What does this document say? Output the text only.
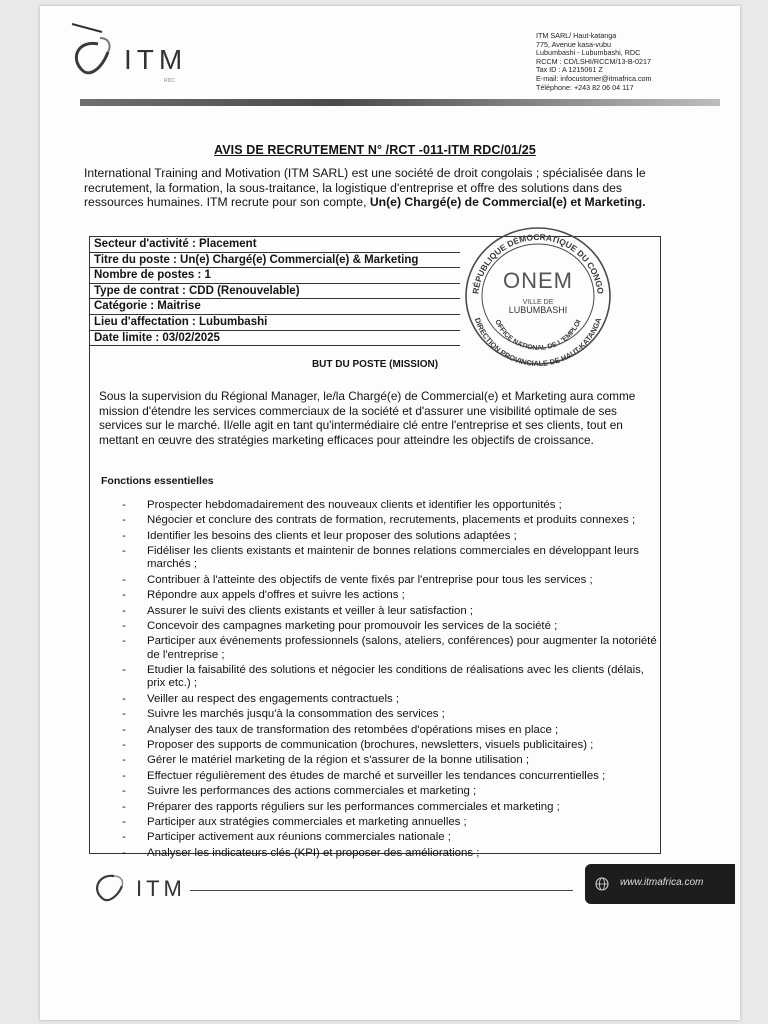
ITM
RDC
ITM SARL/ Haut-katanga
775, Avenue kasa-vubu
Lubumbashi - Lubumbashi, RDC
RCCM : CD/LSHI/RCCM/13-B-0217
Tax ID : A 1215061 Z
E-mail: infocustomer@itmafrica.com
Téléphone: +243 82 06 04 117
AVIS DE RECRUTEMENT N° /RCT -011-ITM RDC/01/25
International Training and Motivation (ITM SARL) est une société de droit congolais ; spécialisée dans le recrutement, la formation, la sous-traitance, la logistique d'entreprise et offre des solutions dans des ressources humaines. ITM recrute pour son compte, Un(e) Chargé(e) de Commercial(e) et Marketing.
Secteur d'activité : Placement
Titre du poste : Un(e) Chargé(e) Commercial(e) & Marketing
Nombre de postes : 1
Type de contrat : CDD (Renouvelable)
Catégorie : Maitrise
Lieu d'affectation : Lubumbashi
Date limite : 03/02/2025
BUT DU POSTE (MISSION)
Sous la supervision du Régional Manager, le/la Chargé(e) de Commercial(e) et Marketing aura comme mission d'étendre les services commerciaux de la société et d'assurer une visibilité optimale de ses services sur le marché. Il/elle agit en tant qu'intermédiaire clé entre l'entreprise et ses clients, tout en mettant en œuvre des stratégies marketing efficaces pour atteindre les objectifs de croissance.
Fonctions essentielles
- Prospecter hebdomadairement des nouveaux clients et identifier les opportunités ;
- Négocier et conclure des contrats de formation, recrutements, placements et produits connexes ;
- Identifier les besoins des clients et leur proposer des solutions adaptées ;
- Fidéliser les clients existants et maintenir de bonnes relations commerciales en développant leurs marchés ;
- Contribuer à l'atteinte des objectifs de vente fixés par l'entreprise pour tous les services ;
- Répondre aux appels d'offres et suivre les actions ;
- Assurer le suivi des clients existants et veiller à leur satisfaction ;
- Concevoir des campagnes marketing pour promouvoir les services de la société ;
- Participer aux événements professionnels (salons, ateliers, conférences) pour augmenter la notoriété de l'entreprise ;
- Etudier la faisabilité des solutions et négocier les conditions de réalisations avec les clients (délais, prix etc.) ;
- Veiller au respect des engagements contractuels ;
- Suivre les marchés jusqu'à la consommation des services ;
- Analyser des taux de transformation des retombées d'opérations mises en place ;
- Proposer des supports de communication (brochures, newsletters, visuels publicitaires) ;
- Gérer le matériel marketing de la région et s'assurer de la bonne utilisation ;
- Effectuer régulièrement des études de marché et surveiller les tendances concurrentielles ;
- Suivre les performances des actions commerciales et marketing ;
- Préparer des rapports réguliers sur les performances commerciales et marketing ;
- Participer aux stratégies commerciales et marketing annuelles ;
- Participer activement aux réunions commerciales nationale ;
- Analyser les indicateurs clés (KPI) et proposer des améliorations ;
RÉPUBLIQUE DÉMOCRATIQUE DU CONGO
DIRECTION PROVINCIALE DE HAUT-KATANGA
OFFICE NATIONAL DE L'EMPLOI
ONEM
VILLE DE
LUBUMBASHI
ITM	www.itmafrica.com
